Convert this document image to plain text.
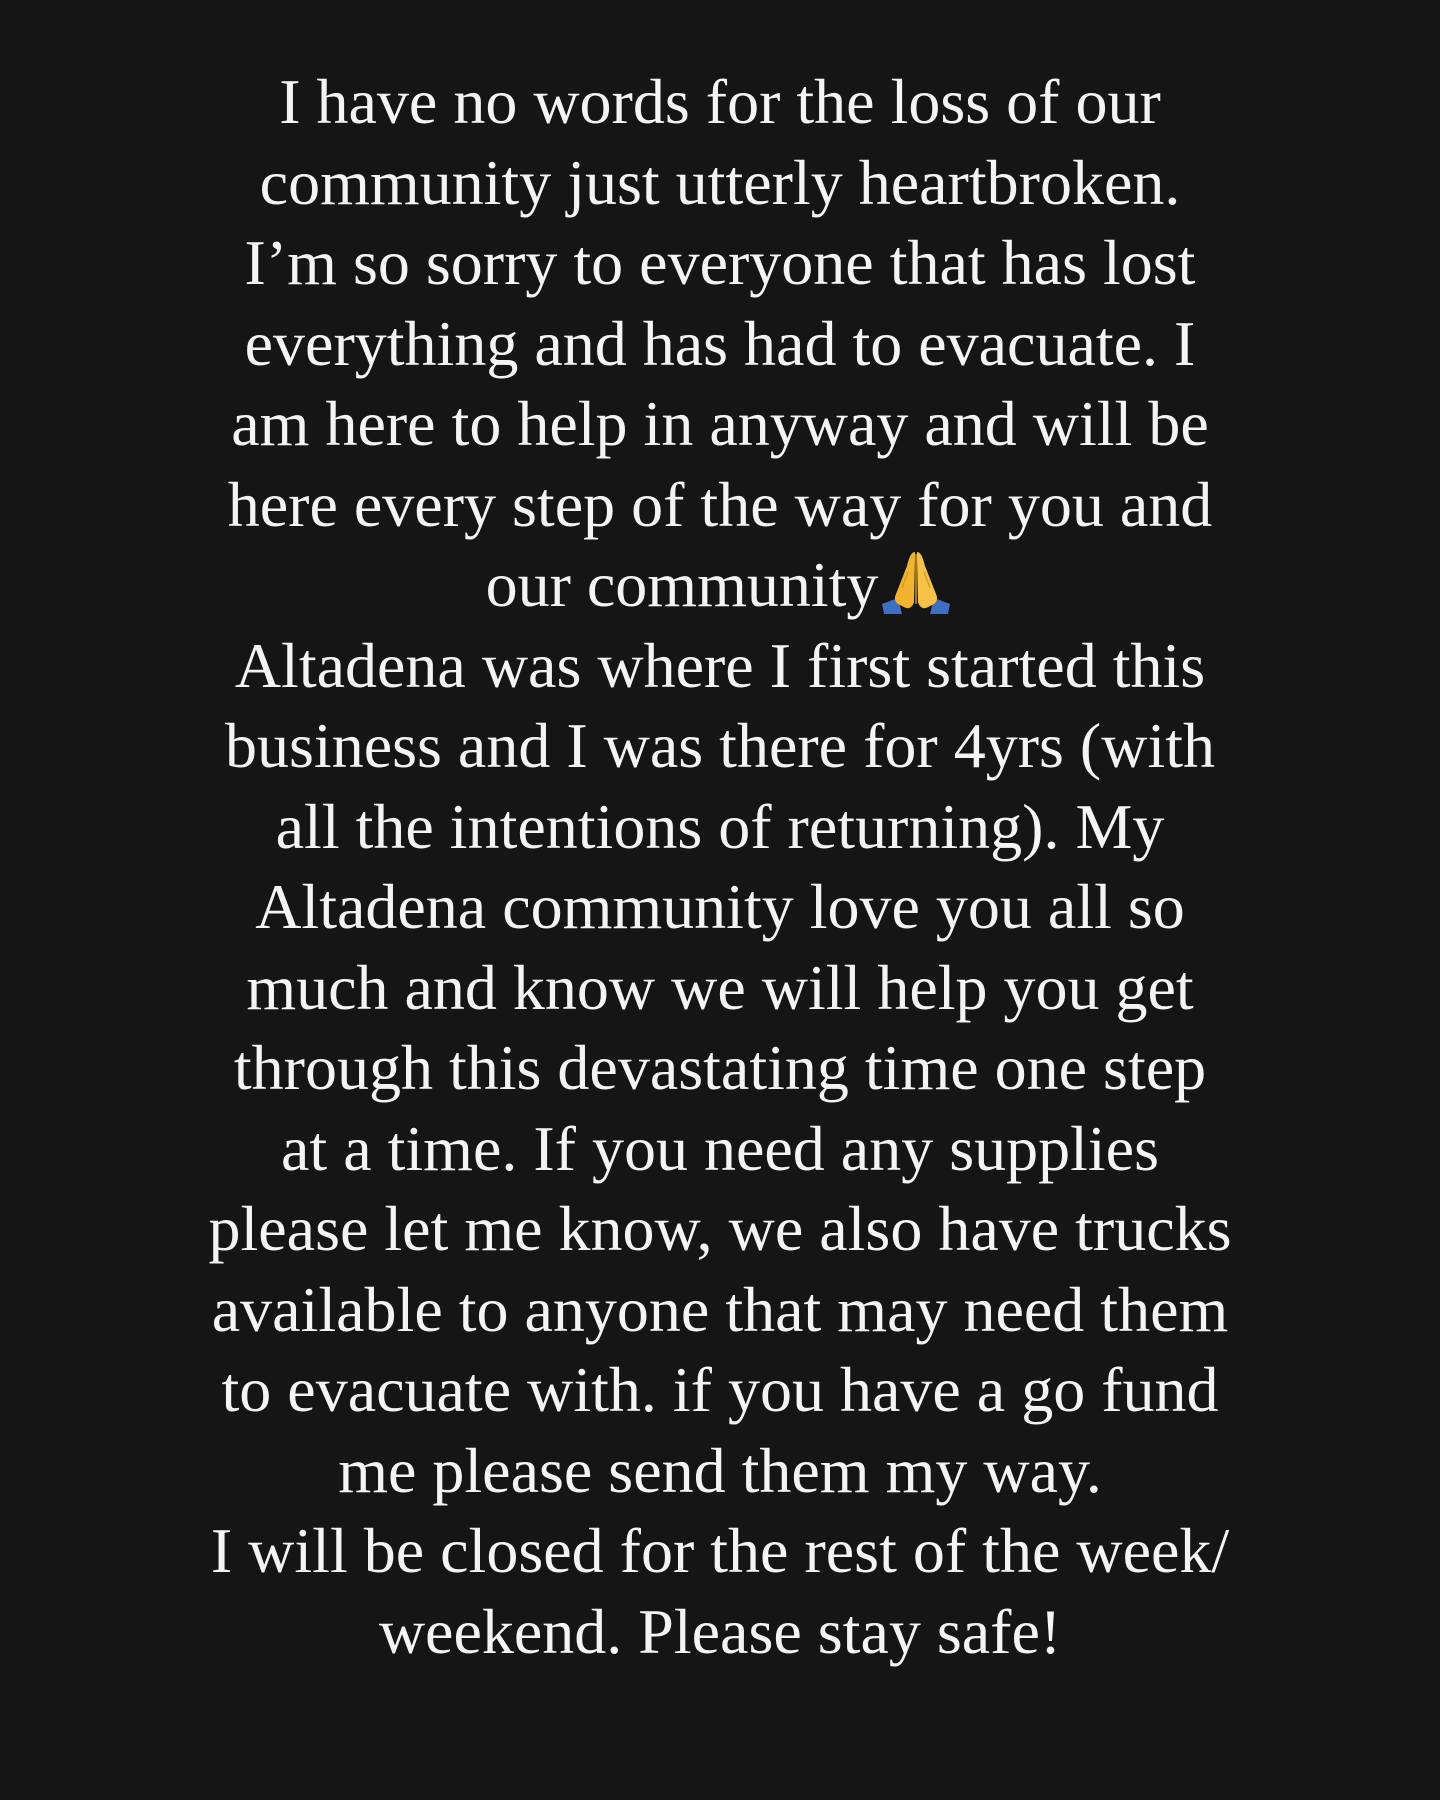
I have no words for the loss of our
community just utterly heartbroken.
I’m so sorry to everyone that has lost
everything and has had to evacuate. I
am here to help in anyway and will be
here every step of the way for you and
our community
Altadena was where I first started this
business and I was there for 4yrs (with
all the intentions of returning). My
Altadena community love you all so
much and know we will help you get
through this devastating time one step
at a time. If you need any supplies
please let me know, we also have trucks
available to anyone that may need them
to evacuate with. if you have a go fund
me please send them my way.
I will be closed for the rest of the week/
weekend. Please stay safe!
